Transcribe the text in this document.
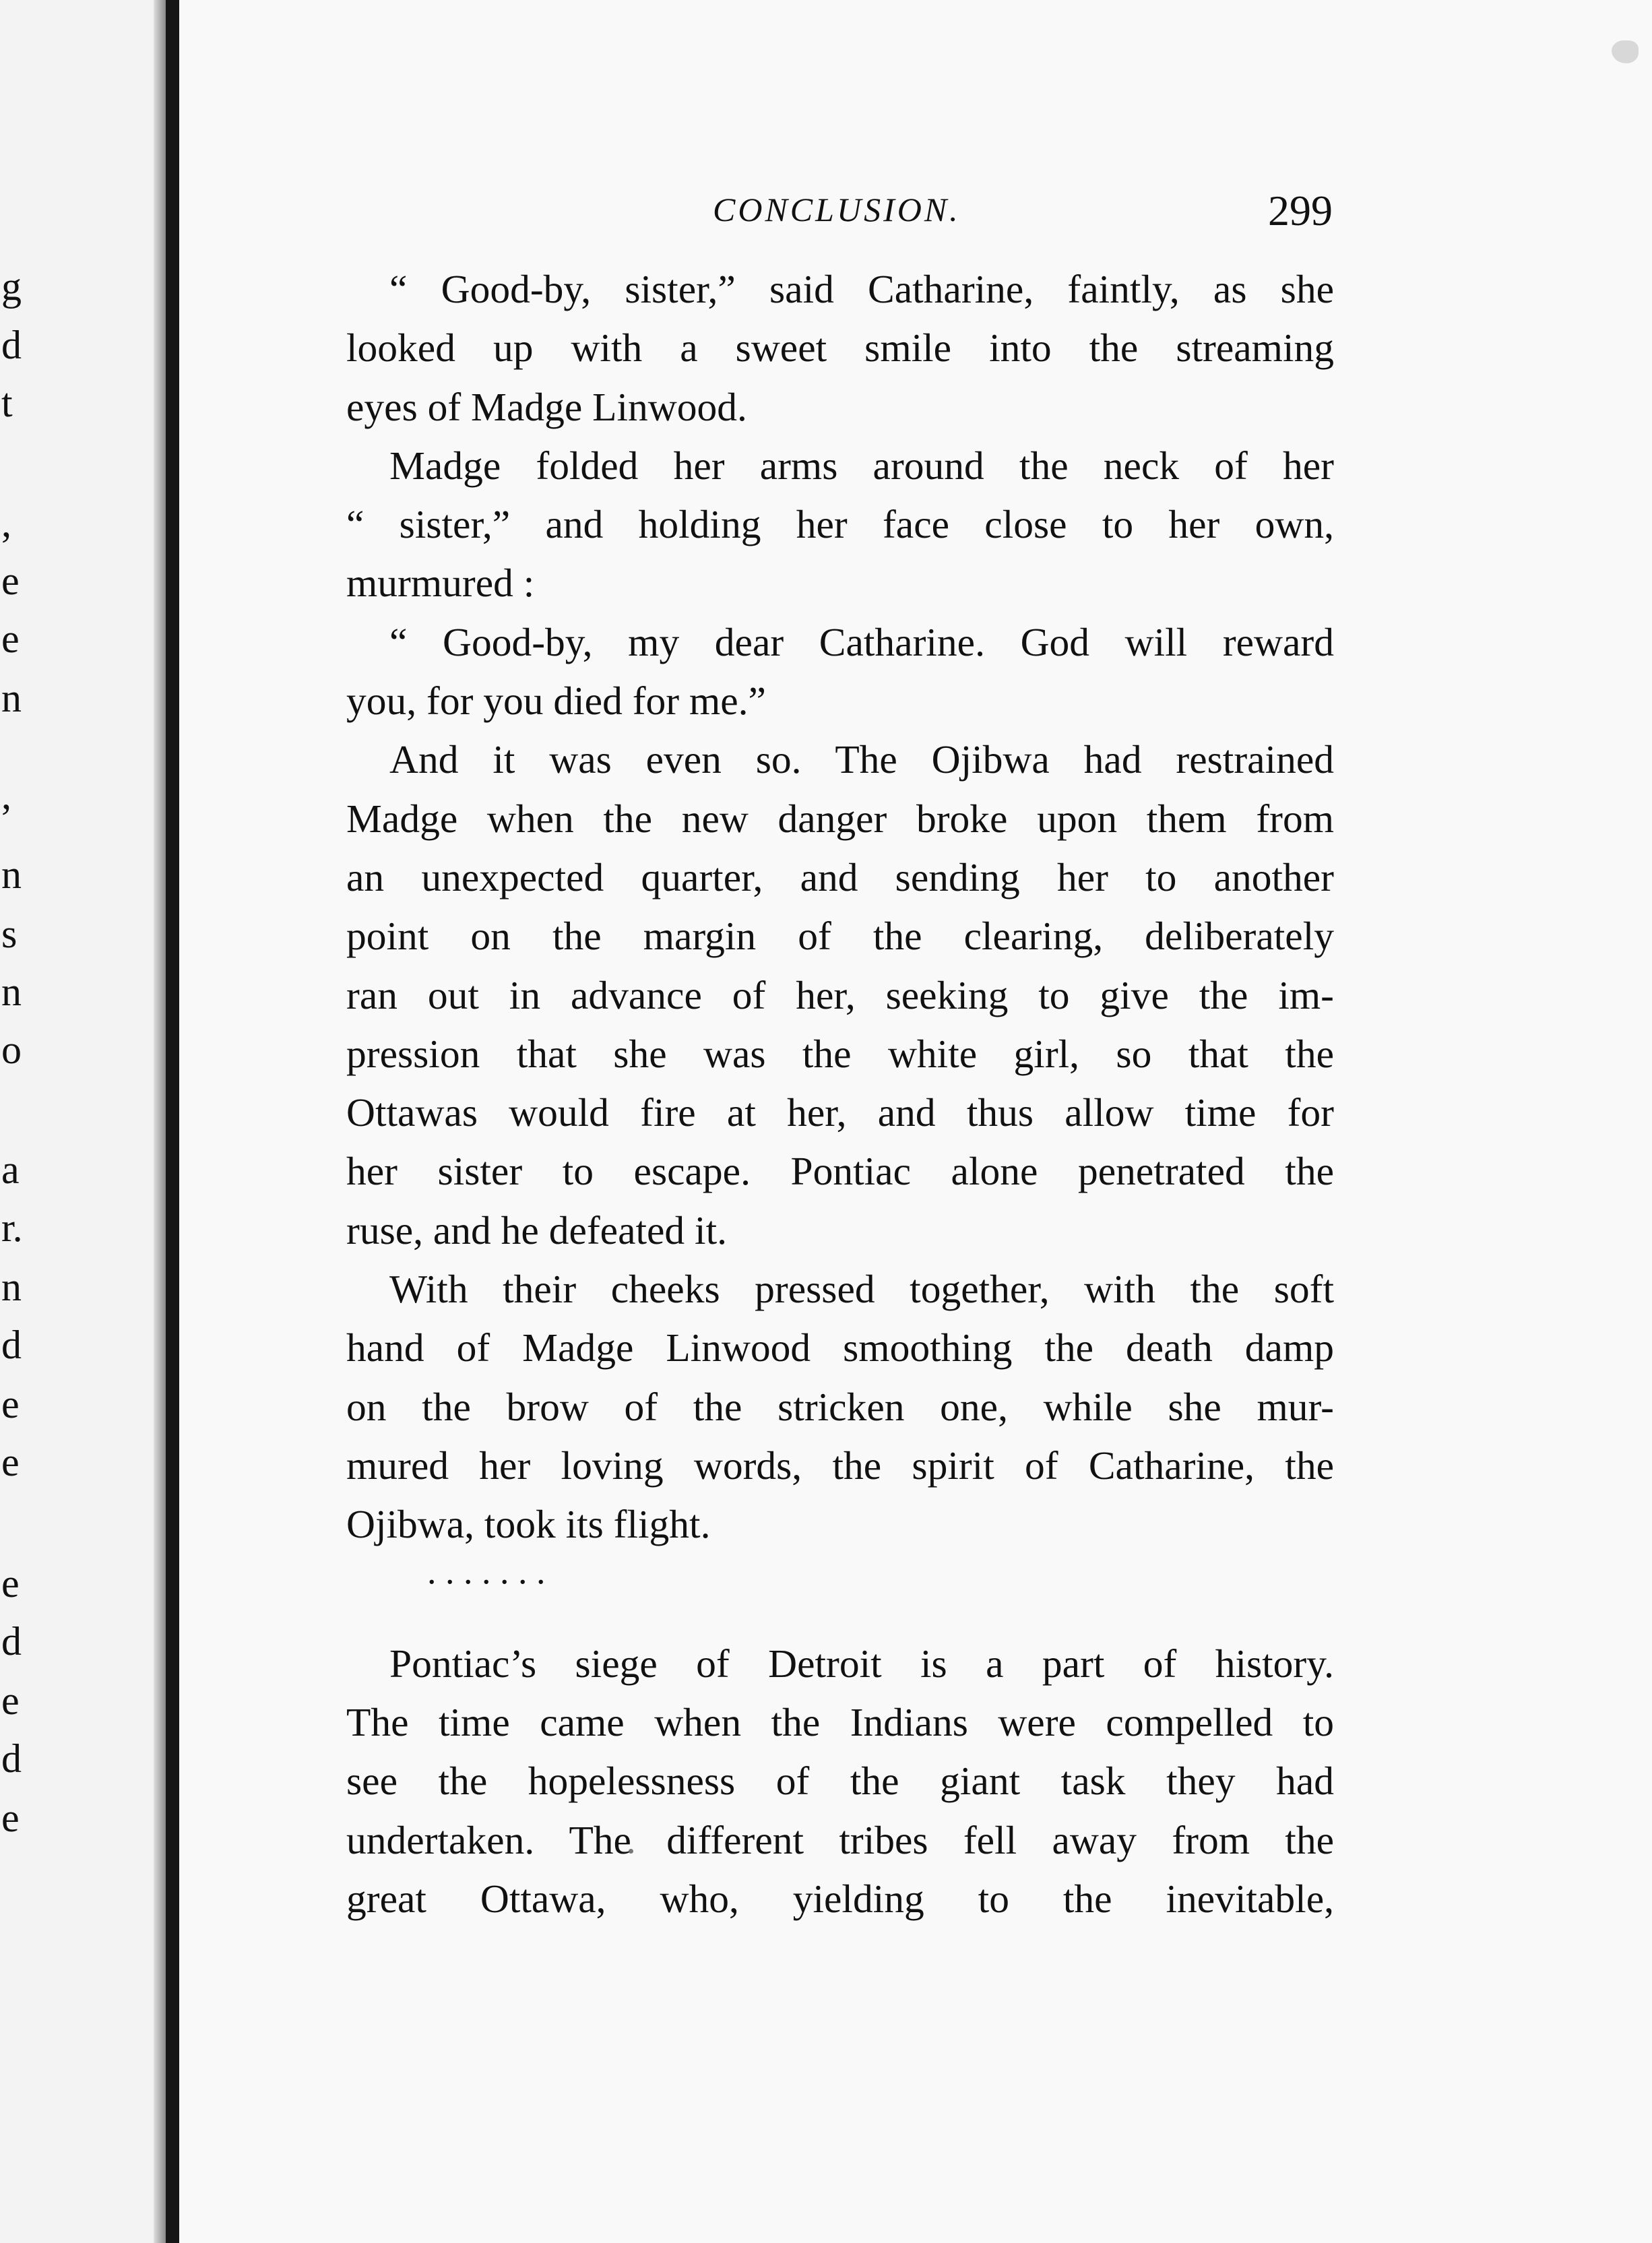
g
d
t
,
e
e
n
,
n
s
n
o
a
r.
n
d
e
e
e
d
e
d
e
CONCLUSION.	299

“ Good-by, sister,” said Catharine, faintly, as she
looked up with a sweet smile into the streaming
eyes of Madge Linwood.

Madge folded her arms around the neck of her
“ sister,” and holding her face close to her own,
murmured :

“ Good-by, my dear Catharine. God will reward
you, for you died for me.”

And it was even so. The Ojibwa had restrained
Madge when the new danger broke upon them from
an unexpected quarter, and sending her to another
point on the margin of the clearing, deliberately
ran out in advance of her, seeking to give the im-
pression that she was the white girl, so that the
Ottawas would fire at her, and thus allow time for
her sister to escape. Pontiac alone penetrated the
ruse, and he defeated it.

With their cheeks pressed together, with the soft
hand of Madge Linwood smoothing the death damp
on the brow of the stricken one, while she mur-
mured her loving words, the spirit of Catharine, the
Ojibwa, took its flight.

. . . . . . .

Pontiac’s siege of Detroit is a part of history.
The time came when the Indians were compelled to
see the hopelessness of the giant task they had
undertaken. The different tribes fell away from the
great Ottawa, who, yielding to the inevitable,
